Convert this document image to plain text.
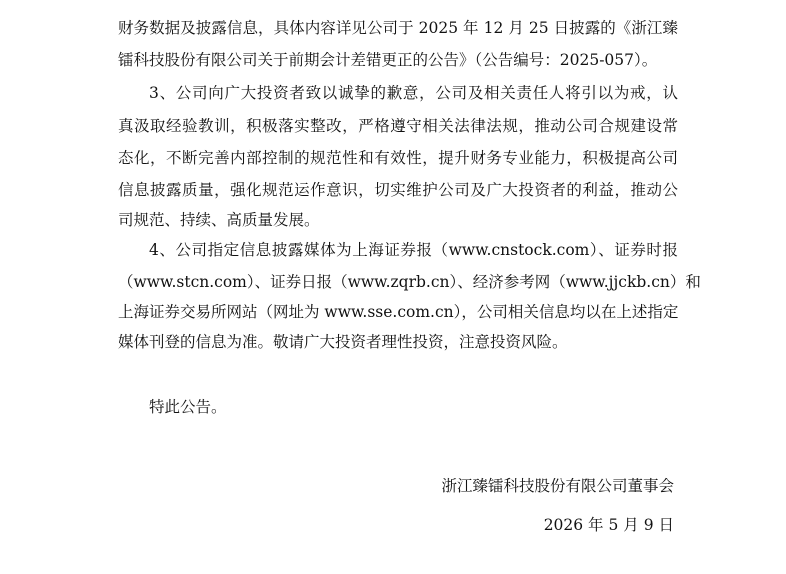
财务数据及披露信息，具体内容详见公司于 2025 年 12 月 25 日披露的《浙江臻
镭科技股份有限公司关于前期会计差错更正的公告》（公告编号：2025-057）。
3、公司向广大投资者致以诚挚的歉意，公司及相关责任人将引以为戒，认
真汲取经验教训，积极落实整改，严格遵守相关法律法规，推动公司合规建设常
态化，不断完善内部控制的规范性和有效性，提升财务专业能力，积极提高公司
信息披露质量，强化规范运作意识，切实维护公司及广大投资者的利益，推动公
司规范、持续、高质量发展。
4、公司指定信息披露媒体为上海证券报（www.cnstock.com）、证券时报
（www.stcn.com）、证券日报（www.zqrb.cn）、经济参考网（www.jjckb.cn）和
上海证券交易所网站（网址为 www.sse.com.cn），公司相关信息均以在上述指定
媒体刊登的信息为准。敬请广大投资者理性投资，注意投资风险。
特此公告。
浙江臻镭科技股份有限公司董事会
2026 年 5 月 9 日
